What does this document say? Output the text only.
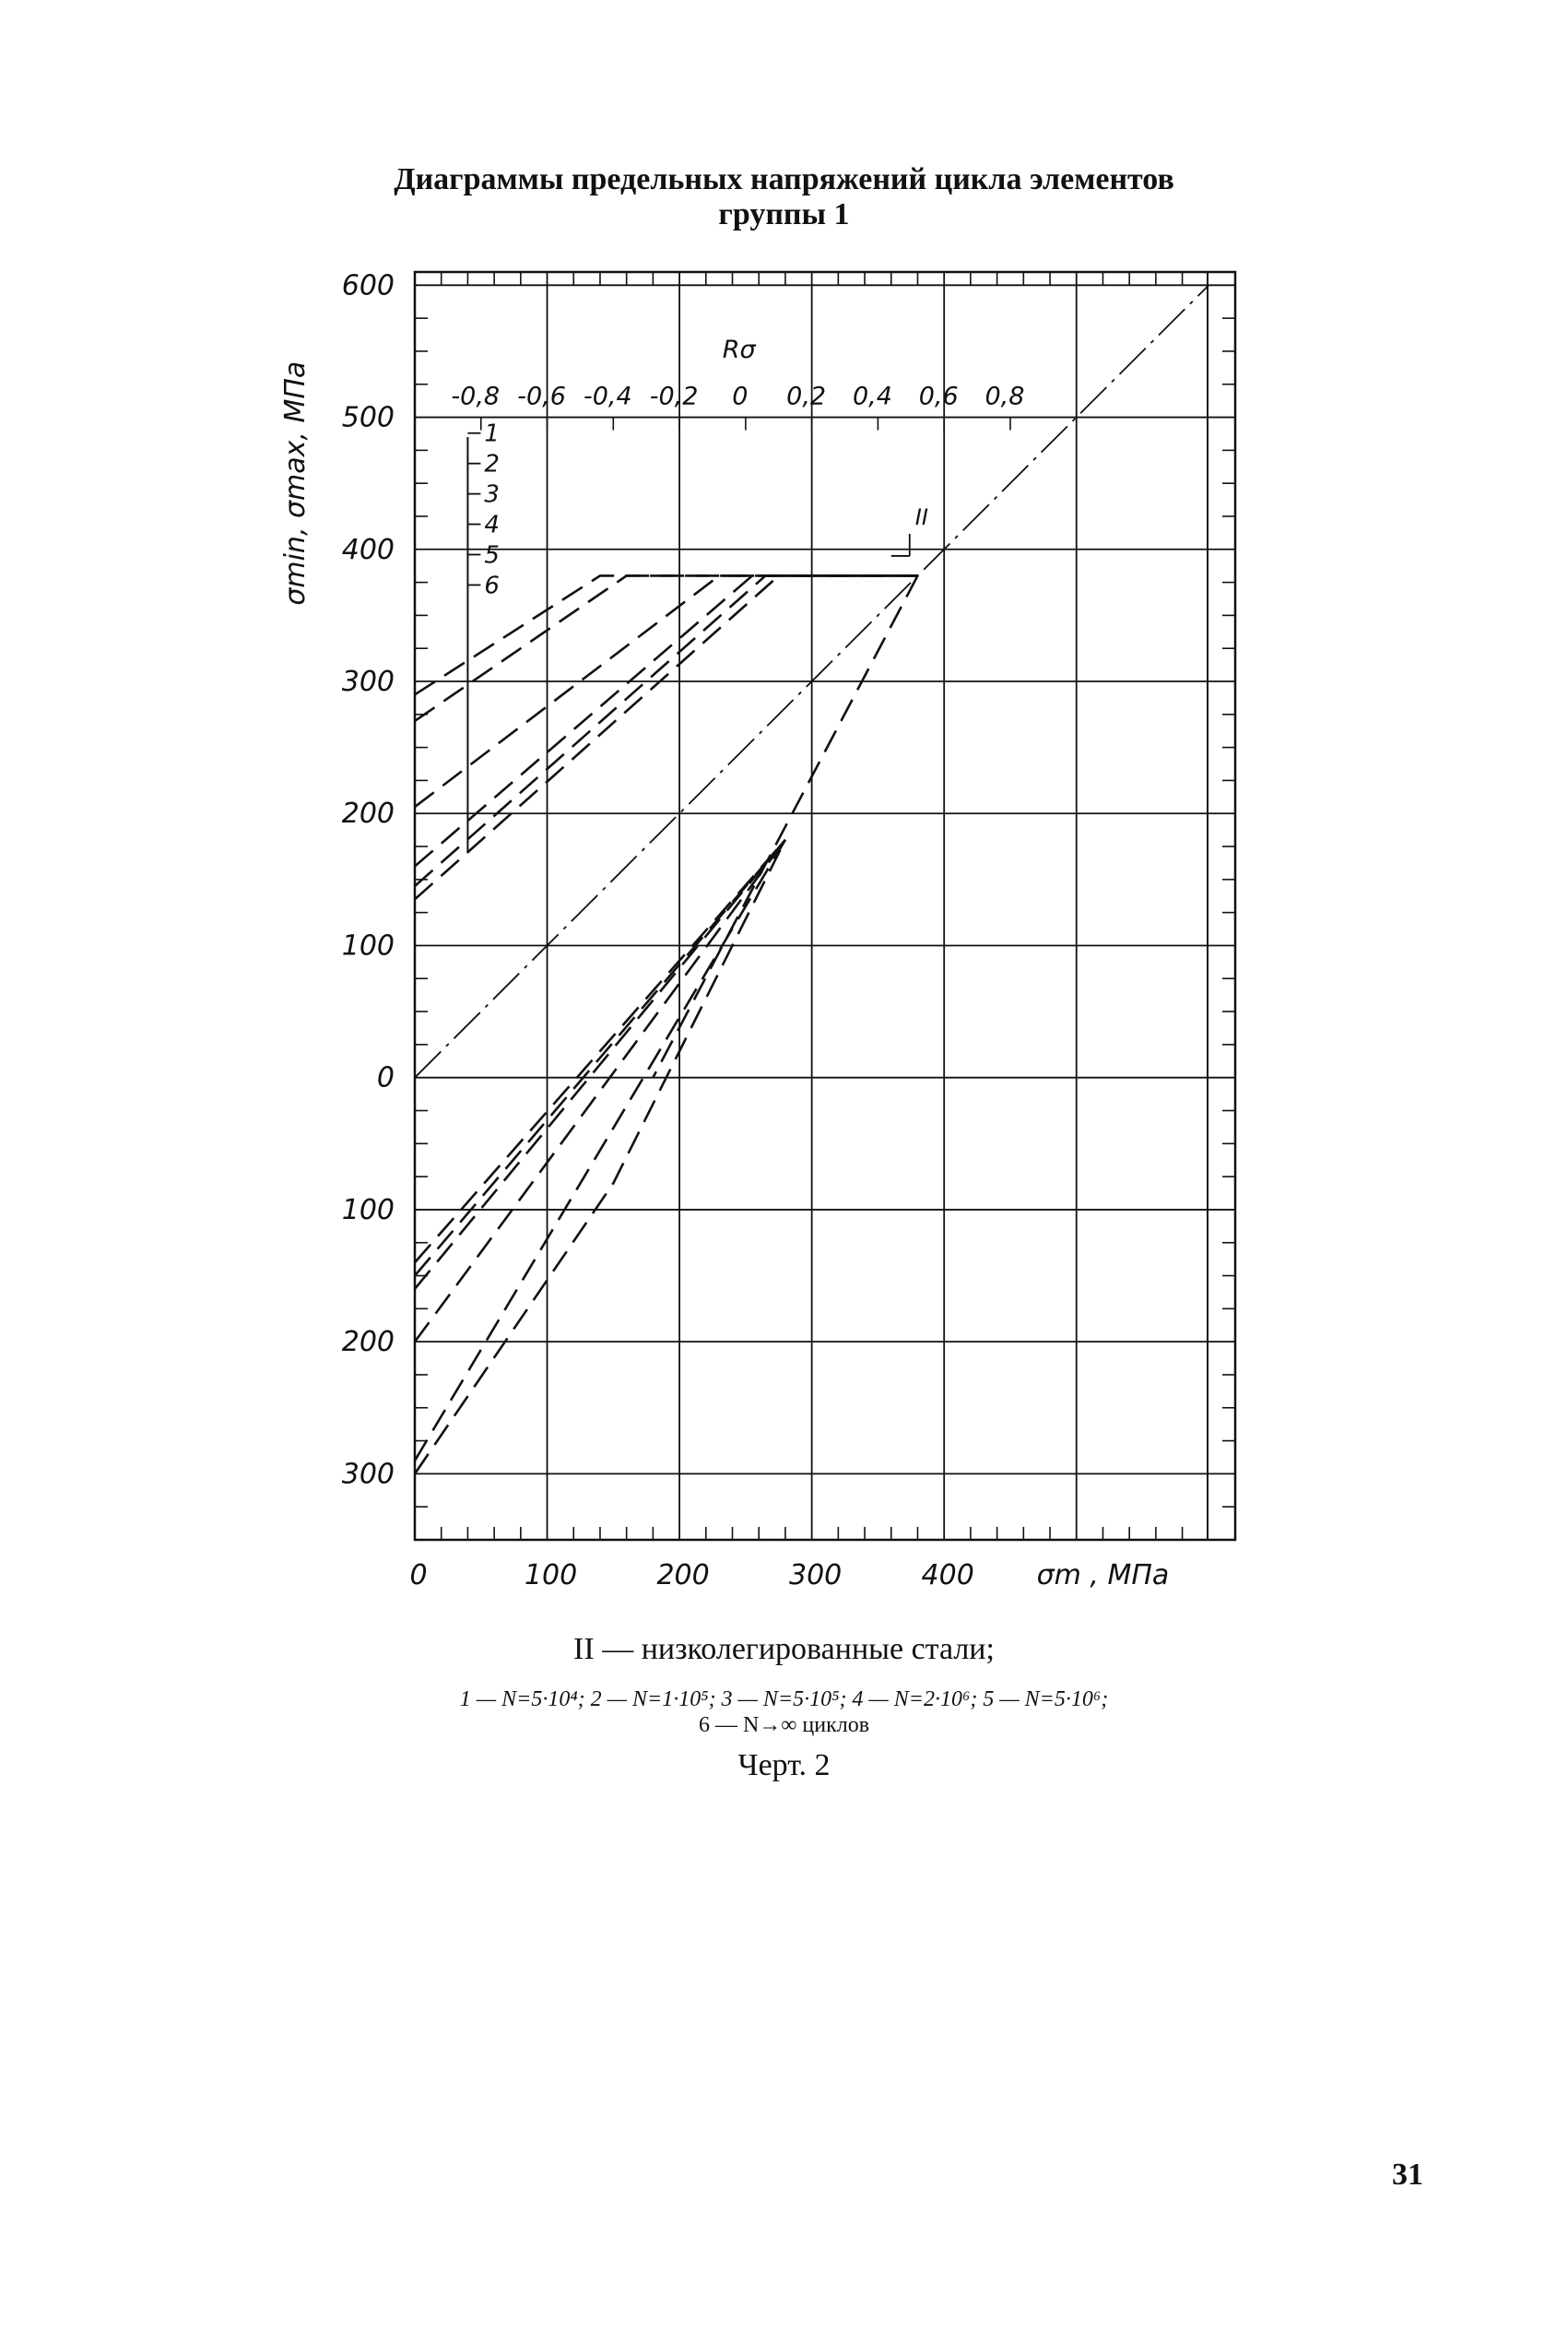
Диаграммы предельных напряжений цикла элементов
группы 1
-0,8 -0,6 -0,4 -0,2 0 0,2 0,4 0,6 0,8
Rσ
600
500
400
300
200
100
0
100
200
300
0	100	200	300	400 σm , МПа
σmin, σmax, МПа	II
1
2
3
4
5
6
II — низколегированные стали;
1 — N=5·10⁴; 2 — N=1·10⁵; 3 — N=5·10⁵; 4 — N=2·10⁶; 5 — N=5·10⁶;
6 — N→∞ циклов
Черт. 2
31
